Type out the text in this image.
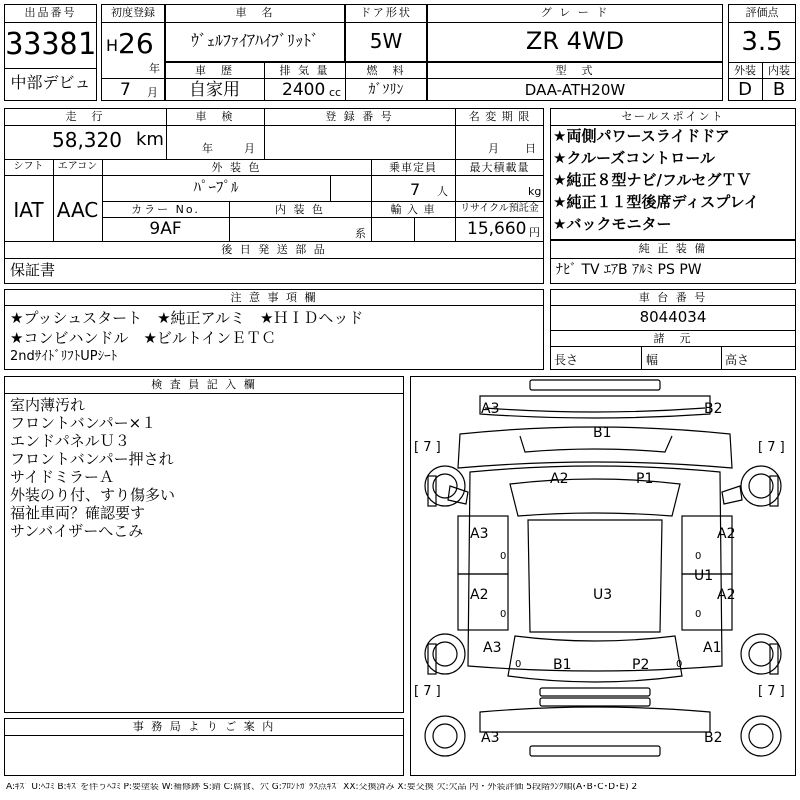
出品番号
33381
中部デビュ
初度登録
H 26
年
7 月
車　名
ｳﾞｪﾙﾌｧｲｱﾊｲﾌﾞﾘｯﾄﾞ
ドア形状
5W
グ レ ー ド
ZR 4WD
車　歴
自家用
排 気 量
2400 cc
燃　料
ｶﾞｿﾘﾝ
型　式
DAA-ATH20W
評価点
3.5
外装	内装
D	B
走　行
58,320 km
車　検
年	月
登 録 番 号	名 変 期 限
月 日
シフト
IAT
エアコン
AAC
外 装 色
ﾊﾟｰﾌﾟﾙ
乗車定員
7 人
最大積載量
kg
カラー No.
9AF
内 装 色
系
輸 入 車	リサイクル預託金
15,660 円
後 日 発 送 部 品
保証書
セールスポイント
★両側パワースライドドア
★クルーズコントロール
★純正８型ナビ/フルセグＴＶ
★純正１１型後席ディスプレイ
★バックモニター
純 正 装 備
ﾅﾋﾞ TV ｴｱB ｱﾙﾐ PS PW
注 意 事 項 欄
★プッシュスタート　★純正アルミ　★ＨＩＤヘッド
★コンビハンドル　★ビルトインＥＴＣ
2ndｻｲﾄﾞﾘﾌﾄUPｼｰﾄ
車 台 番 号
8044034
諸　元
長さ	幅	高さ
検 査 員 記 入 欄
室内薄汚れ
フロントバンパー×１
エンドパネルＵ３
フロントバンパー押され
サイドミラーＡ
外装のり付、すり傷多い
福祉車両？確認要す
サンバイザーへこみ
事 務 局 よ り ご 案 内
A3	B2
B1
A2	P1
A3	A2
U1
A2	U3	A2
A3	A1
B1	P2
A3	B2
[ 7 ]	[ 7 ]
[ 7 ]	[ 7 ]
0
0
0
0
0	0
A:ｷｽﾞ U:ﾍｺﾐ B:ｷｽﾞを伴うﾍｺﾐ P:要塗装 W:補修跡 S:錆 C:腐食、穴 G:ﾌﾛﾝﾄｶﾞﾗｽ点ｷｽﾞ XX:交換済み X:要交換 欠:欠品 内・外装評価 5段階ﾗﾝｸ順(A･B･C･D･E) 2
